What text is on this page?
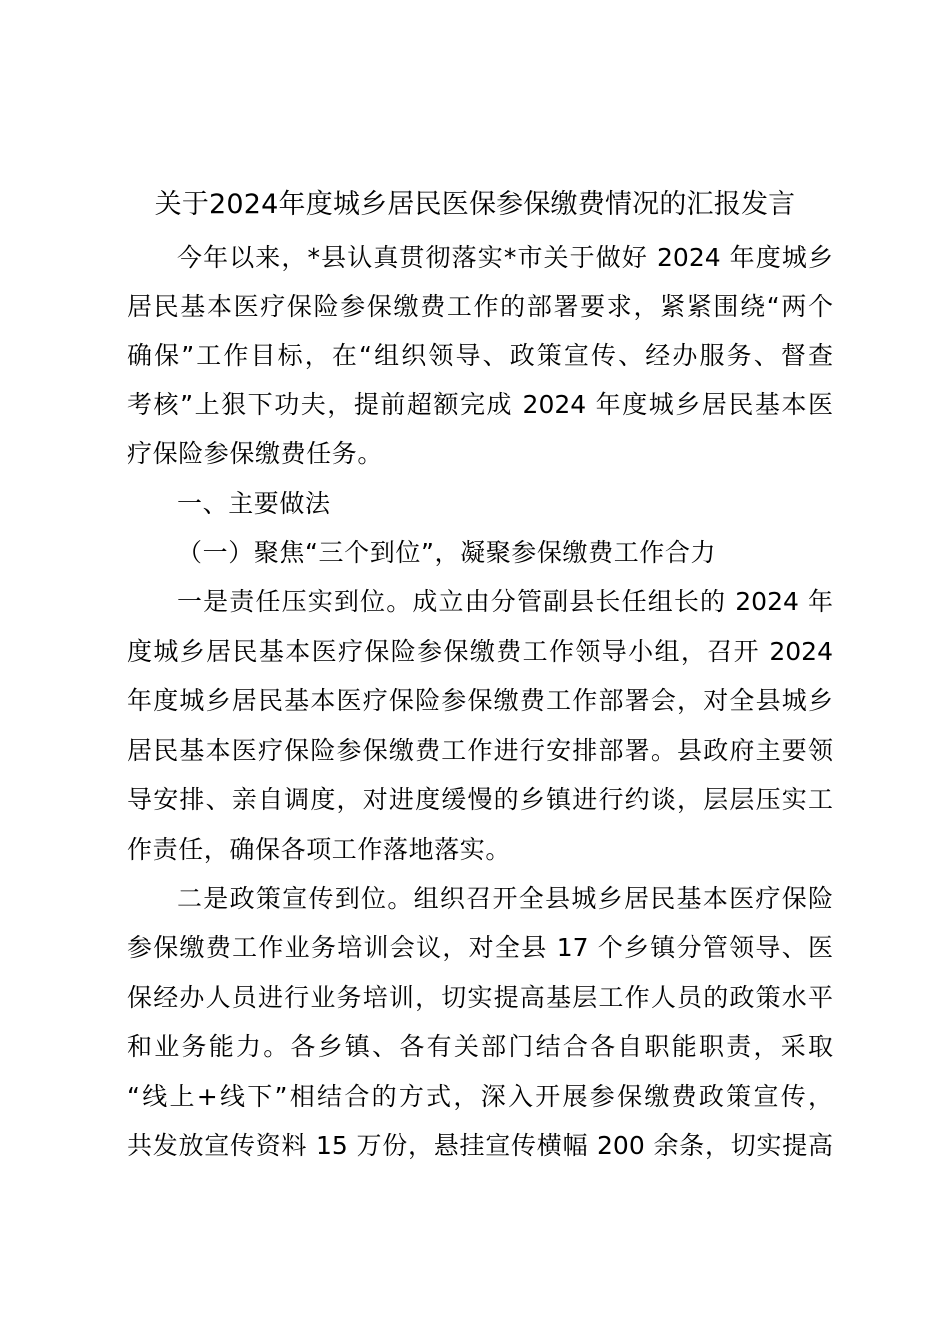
关于2024年度城乡居民医保参保缴费情况的汇报发言
今年以来，*县认真贯彻落实*市关于做好 2024 年度城乡
居民基本医疗保险参保缴费工作的部署要求，紧紧围绕“两个
确保”工作目标，在“组织领导、政策宣传、经办服务、督查
考核”上狠下功夫，提前超额完成 2024 年度城乡居民基本医
疗保险参保缴费任务。
一、主要做法
（一）聚焦“三个到位”，凝聚参保缴费工作合力
一是责任压实到位。成立由分管副县长任组长的 2024 年
度城乡居民基本医疗保险参保缴费工作领导小组，召开 2024
年度城乡居民基本医疗保险参保缴费工作部署会，对全县城乡
居民基本医疗保险参保缴费工作进行安排部署。县政府主要领
导安排、亲自调度，对进度缓慢的乡镇进行约谈，层层压实工
作责任，确保各项工作落地落实。
二是政策宣传到位。组织召开全县城乡居民基本医疗保险
参保缴费工作业务培训会议，对全县 17 个乡镇分管领导、医
保经办人员进行业务培训，切实提高基层工作人员的政策水平
和业务能力。各乡镇、各有关部门结合各自职能职责，采取
“线上+线下”相结合的方式，深入开展参保缴费政策宣传，
共发放宣传资料 15 万份，悬挂宣传横幅 200 余条，切实提高
